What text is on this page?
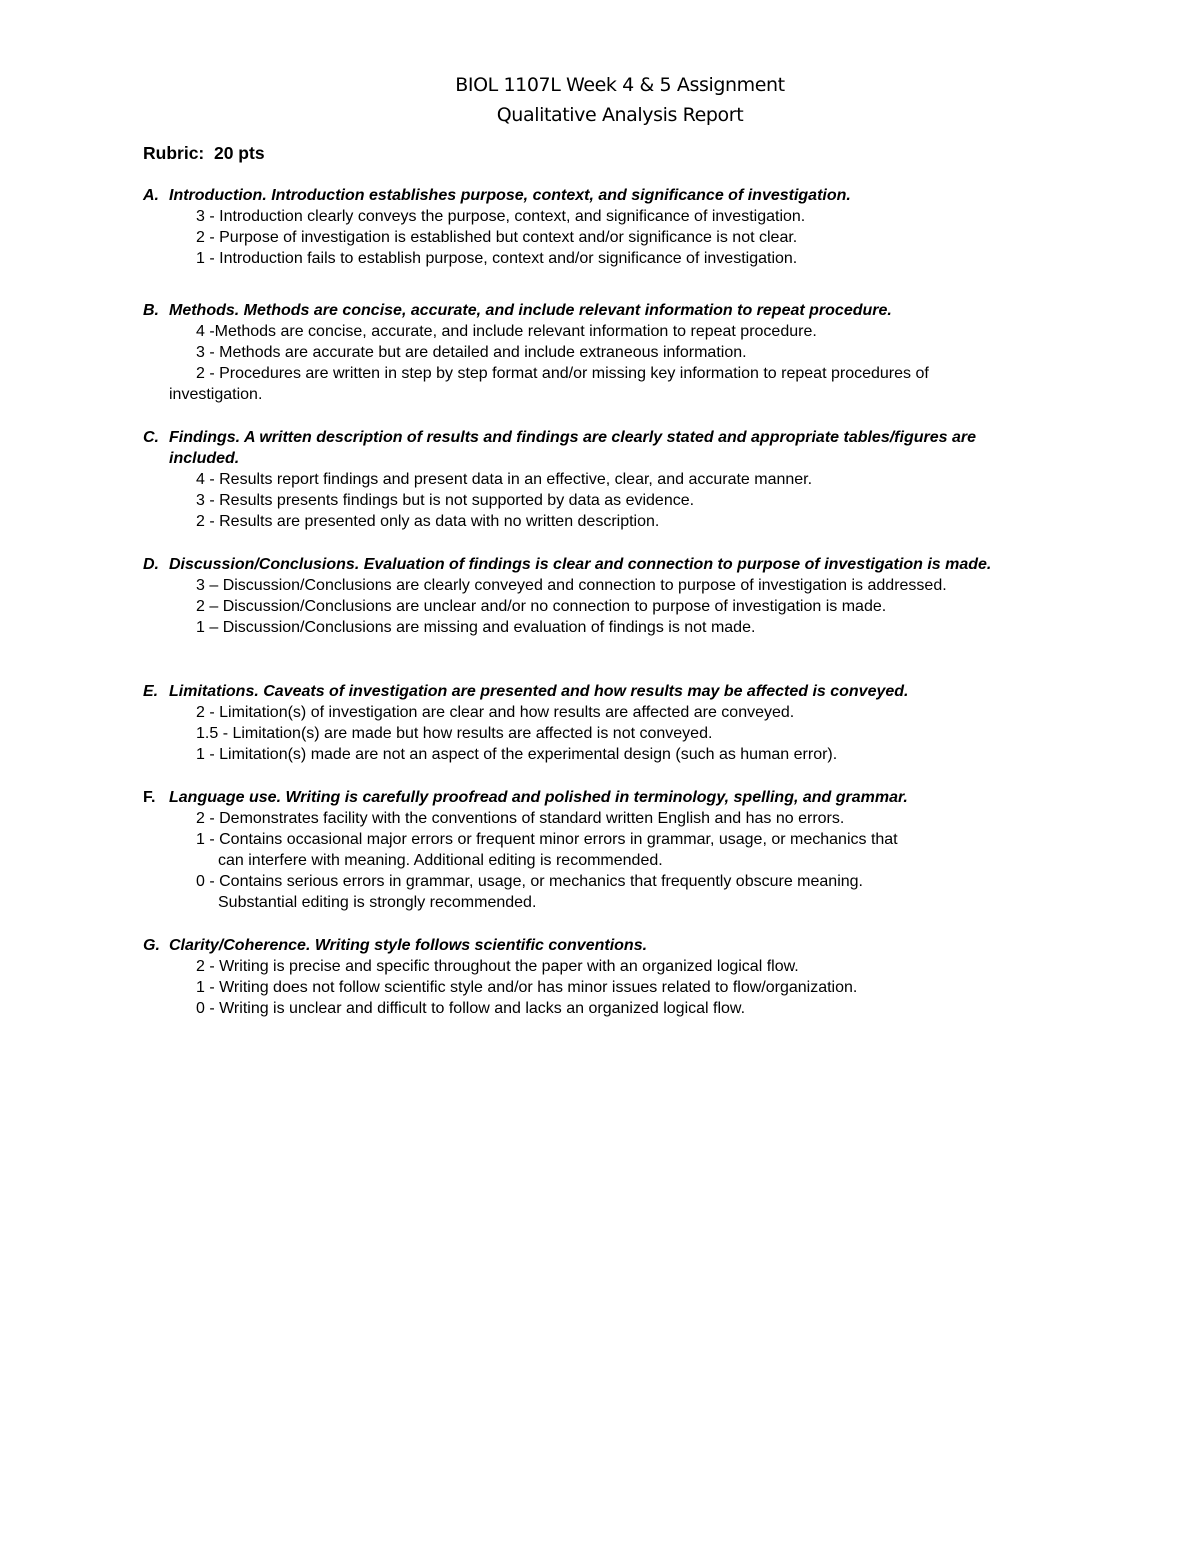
BIOL 1107L Week 4 & 5 Assignment
Qualitative Analysis Report
Rubric:  20 pts
A. Introduction. Introduction establishes purpose, context, and significance of investigation.
3 - Introduction clearly conveys the purpose, context, and significance of investigation.
2 - Purpose of investigation is established but context and/or significance is not clear.
1 - Introduction fails to establish purpose, context and/or significance of investigation.
B. Methods. Methods are concise, accurate, and include relevant information to repeat procedure.
4 -Methods are concise, accurate, and include relevant information to repeat procedure.
3 - Methods are accurate but are detailed and include extraneous information.
2 - Procedures are written in step by step format and/or missing key information to repeat procedures of
investigation.
C. Findings. A written description of results and findings are clearly stated and appropriate tables/figures are included.
4 - Results report findings and present data in an effective, clear, and accurate manner.
3 - Results presents findings but is not supported by data as evidence.
2 - Results are presented only as data with no written description.
D. Discussion/Conclusions. Evaluation of findings is clear and connection to purpose of investigation is made.
3 – Discussion/Conclusions are clearly conveyed and connection to purpose of investigation is addressed.
2 – Discussion/Conclusions are unclear and/or no connection to purpose of investigation is made.
1 – Discussion/Conclusions are missing and evaluation of findings is not made.
E. Limitations. Caveats of investigation are presented and how results may be affected is conveyed.
2 - Limitation(s) of investigation are clear and how results are affected are conveyed.
1.5 - Limitation(s) are made but how results are affected is not conveyed.
1 - Limitation(s) made are not an aspect of the experimental design (such as human error).
F. Language use. Writing is carefully proofread and polished in terminology, spelling, and grammar.
2 - Demonstrates facility with the conventions of standard written English and has no errors.
1 - Contains occasional major errors or frequent minor errors in grammar, usage, or mechanics that
can interfere with meaning. Additional editing is recommended.
0 - Contains serious errors in grammar, usage, or mechanics that frequently obscure meaning.
Substantial editing is strongly recommended.
G. Clarity/Coherence. Writing style follows scientific conventions.
2 - Writing is precise and specific throughout the paper with an organized logical flow.
1 - Writing does not follow scientific style and/or has minor issues related to flow/organization.
0 - Writing is unclear and difficult to follow and lacks an organized logical flow.
